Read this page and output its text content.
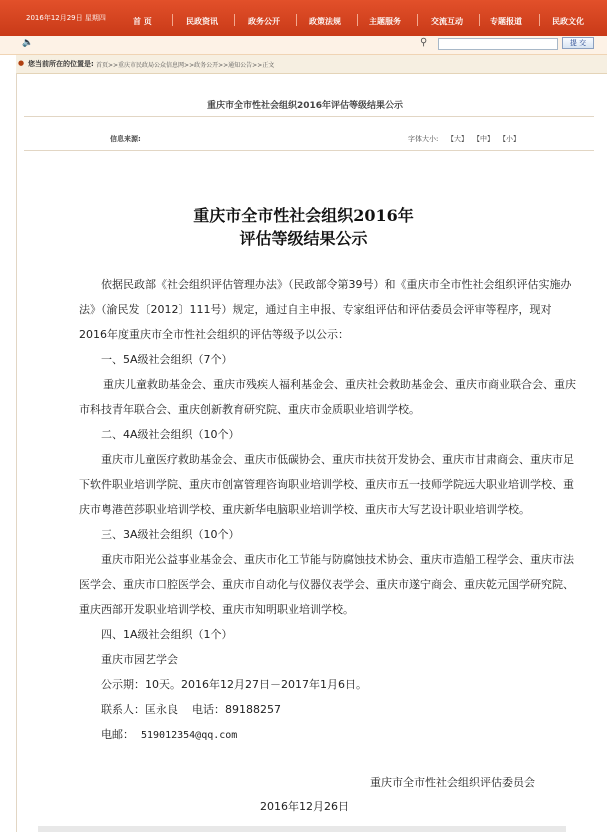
2016年12月29日 星期四	首 页	民政资讯	政务公开	政策法规	主题服务	交流互动	专题报道	民政文化
🔈	⚲	提 交
● 您当前所在的位置是: 首页>>重庆市民政局公众信息网>>政务公开>>通知公告>>正文
重庆市全市性社会组织2016年评估等级结果公示
信息来源:	字体大小: 【大】 【中】 【小】
重庆市全市性社会组织2016年
评估等级结果公示

依据民政部《社会组织评估管理办法》（民政部令第39号）和《重庆市全市性社会组织评估实施办法》（渝民发〔2012〕111号）规定，通过自主申报、专家组评估和评估委员会评审等程序，现对2016年度重庆市全市性社会组织的评估等级予以公示：

一、5A级社会组织（7个）

重庆儿童救助基金会、重庆市残疾人福利基金会、重庆社会救助基金会、重庆市商业联合会、重庆市科技青年联合会、重庆创新教育研究院、重庆市金质职业培训学校。

二、4A级社会组织（10个）

重庆市儿童医疗救助基金会、重庆市低碳协会、重庆市扶贫开发协会、重庆市甘肃商会、重庆市足下软件职业培训学院、重庆市创富管理咨询职业培训学校、重庆市五一技师学院远大职业培训学校、重庆市粤港芭莎职业培训学校、重庆新华电脑职业培训学校、重庆市大写艺设计职业培训学校。

三、3A级社会组织（10个）

重庆市阳光公益事业基金会、重庆市化工节能与防腐蚀技术协会、重庆市造船工程学会、重庆市法医学会、重庆市口腔医学会、重庆市自动化与仪器仪表学会、重庆市遂宁商会、重庆乾元国学研究院、重庆西部开发职业培训学校、重庆市知明职业培训学校。

四、1A级社会组织（1个）

重庆市园艺学会

公示期：10天。2016年12月27日－2017年1月6日。

联系人：匡永良 电话：89188257

电邮： 519012354@qq.com

重庆市全市性社会组织评估委员会
2016年12月26日
